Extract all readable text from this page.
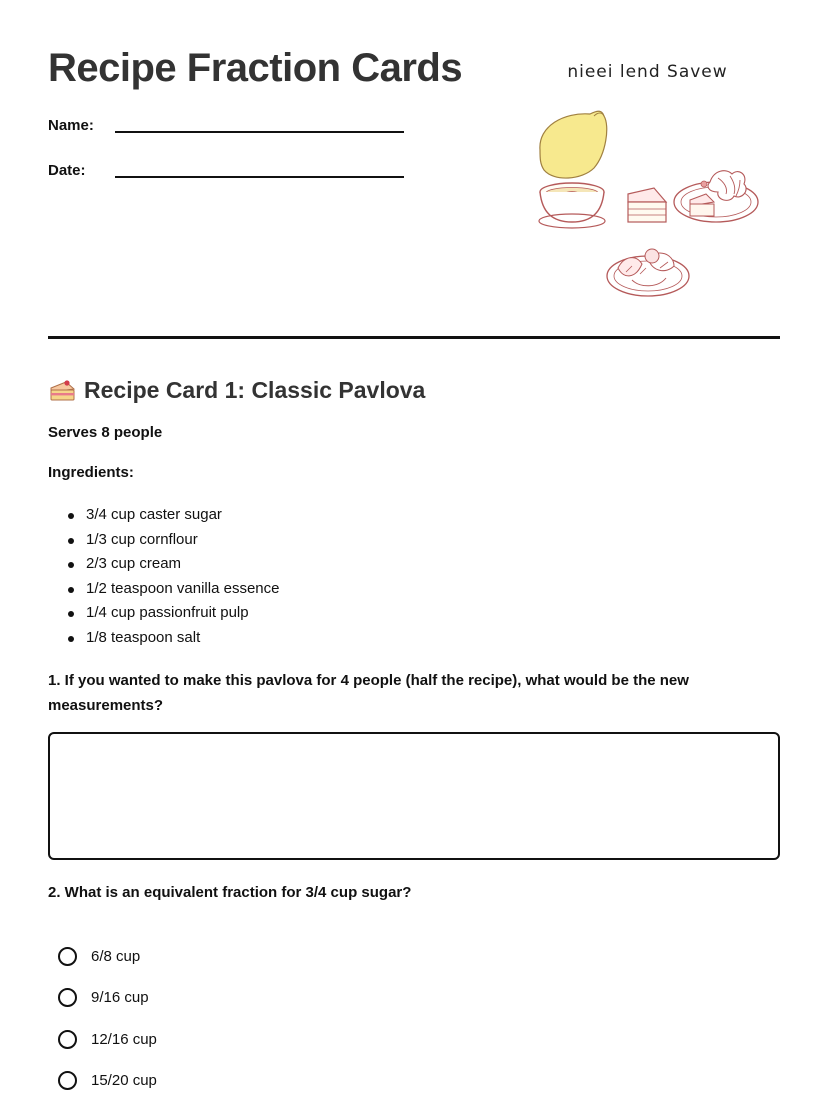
Recipe Fraction Cards
Name:
Date:
nieei lend Savew
Recipe Card 1: Classic Pavlova
Serves 8 people
Ingredients:
3/4 cup caster sugar
1/3 cup cornflour
2/3 cup cream
1/2 teaspoon vanilla essence
1/4 cup passionfruit pulp
1/8 teaspoon salt
1. If you wanted to make this pavlova for 4 people (half the recipe), what would be the new measurements?
2. What is an equivalent fraction for 3/4 cup sugar?
6/8 cup
9/16 cup
12/16 cup
15/20 cup
